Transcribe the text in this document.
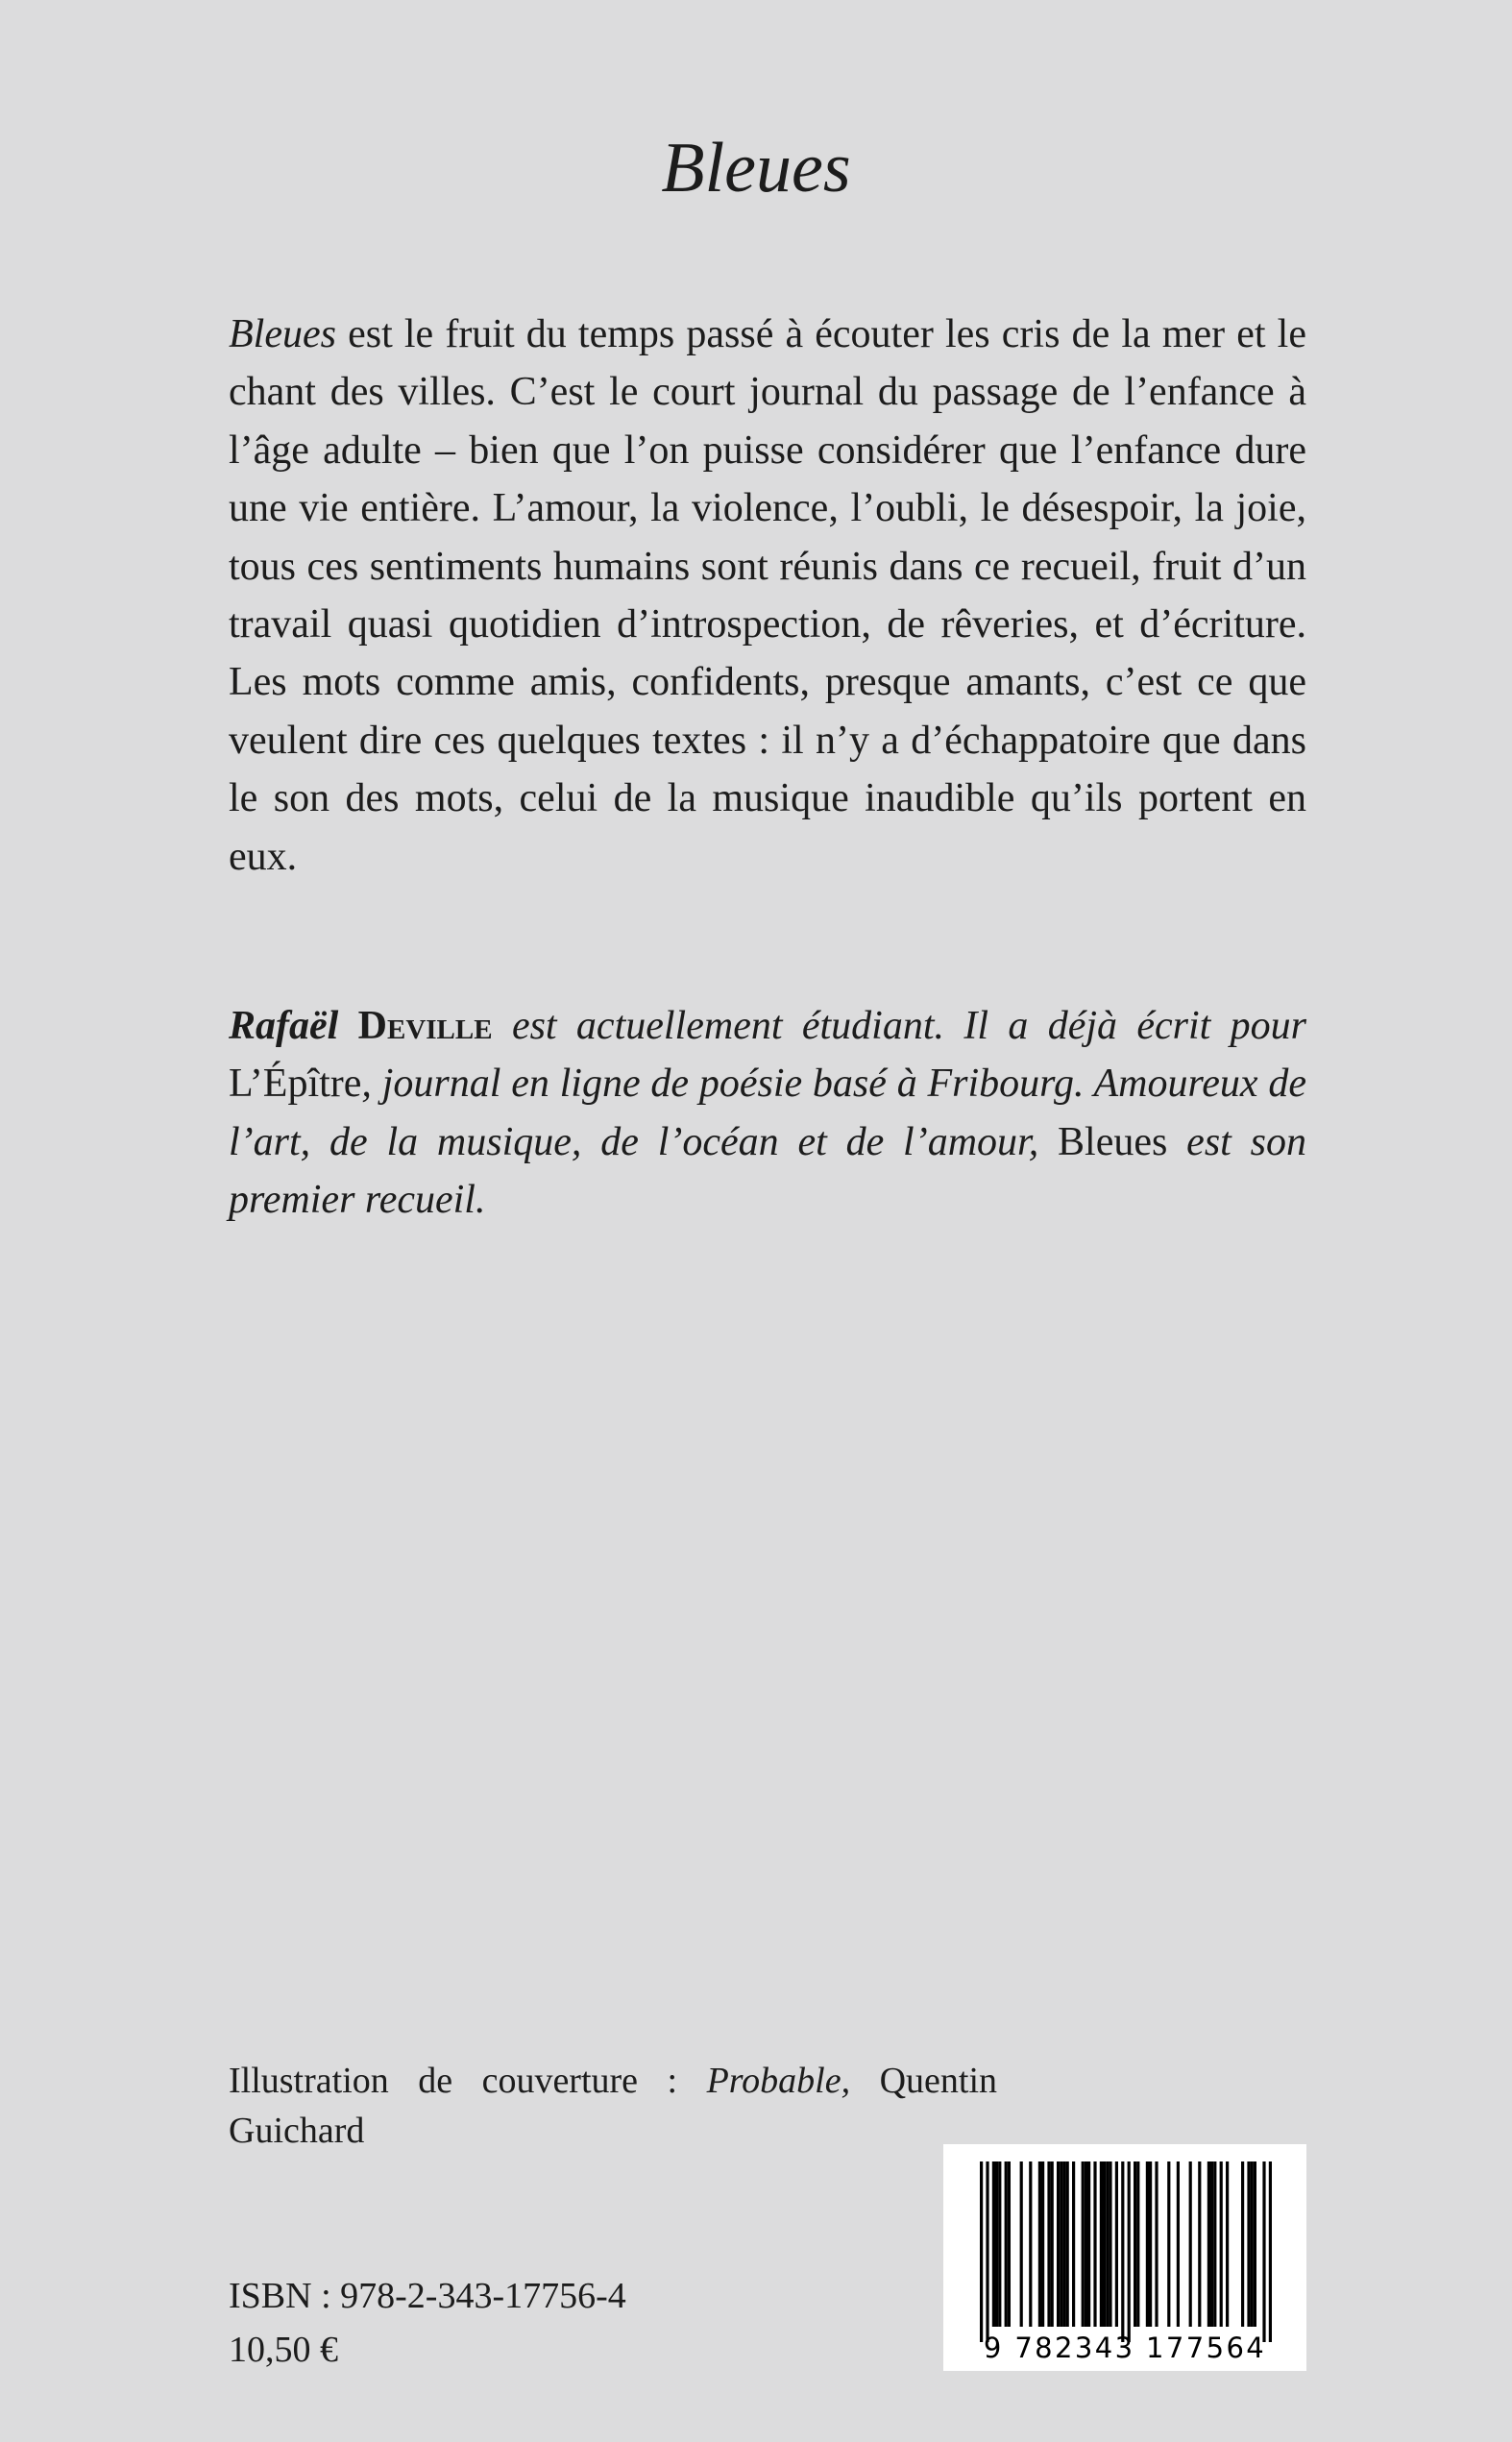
Bleues

Bleues est le fruit du temps passé à écouter les cris de la mer et le chant des villes. C’est le court journal du passage de l’enfance à l’âge adulte – bien que l’on puisse considérer que l’enfance dure une vie entière. L’amour, la violence, l’oubli, le désespoir, la joie, tous ces sentiments humains sont réunis dans ce recueil, fruit d’un travail quasi quotidien d’introspection, de rêveries, et d’écriture. Les mots comme amis, confidents, presque amants, c’est ce que veulent dire ces quelques textes : il n’y a d’échappatoire que dans le son des mots, celui de la musique inaudible qu’ils portent en eux.

Rafaël Deville est actuellement étudiant. Il a déjà écrit pour L’Épître, journal en ligne de poésie basé à Fribourg. Amoureux de l’art, de la musique, de l’océan et de l’amour, Bleues est son premier recueil.

Illustration de couverture : Probable, Quentin Guichard

ISBN : 978-2-343-17756-4

10,50 €	9 782343 177564
